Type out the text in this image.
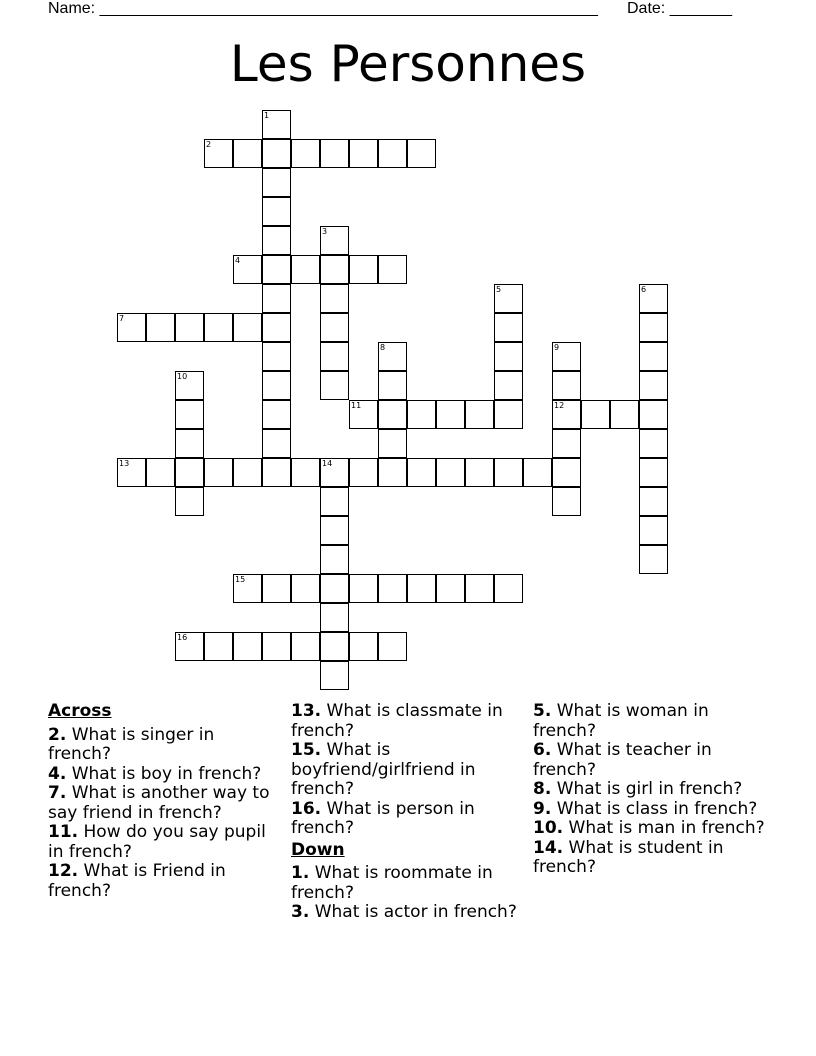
Name: ________________________________________________________ Date: _______
Les Personnes
1
2
3
4
5	6
7
8	9
12
10
11
13	14
15
16
Across
2. What is singer in french?
4. What is boy in french?
7. What is another way to say friend in french?
11. How do you say pupil in french?
12. What is Friend in french?
13. What is classmate in french?
15. What is boyfriend/girlfriend in french?
16. What is person in french?
Down
1. What is roommate in french?
3. What is actor in french?
5. What is woman in french?
6. What is teacher in french?
8. What is girl in french?
9. What is class in french?
10. What is man in french?
14. What is student in french?
